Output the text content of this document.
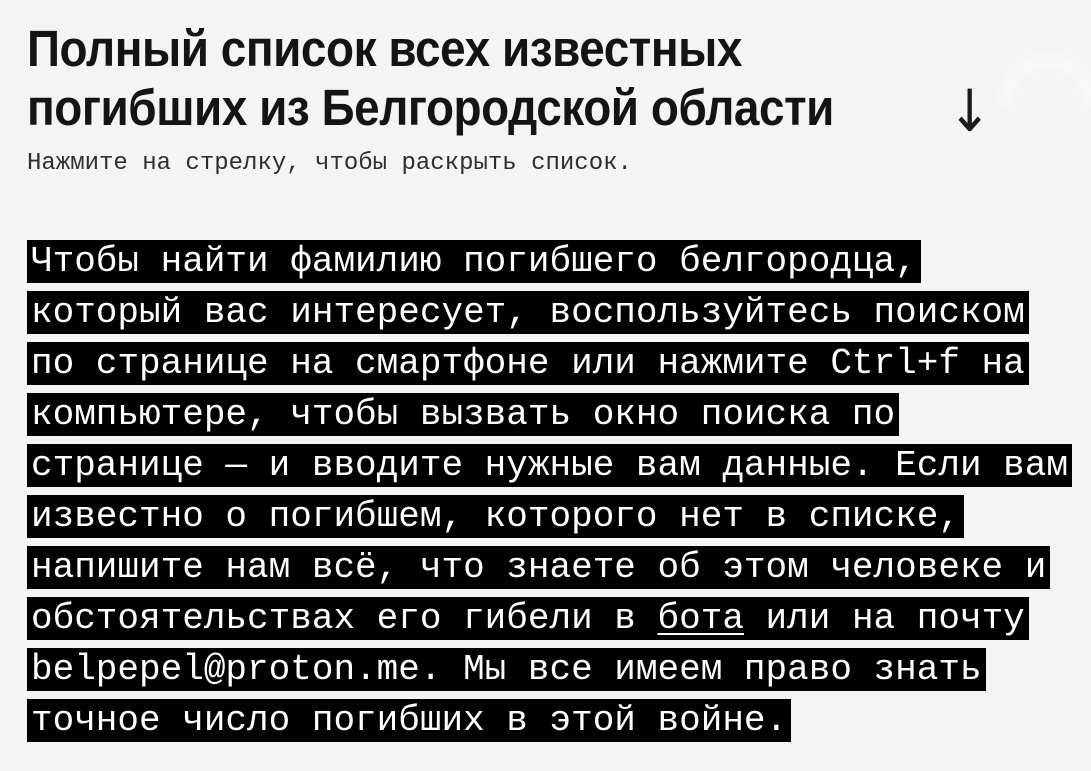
Полный список всех известных
погибших из Белгородской области	↓

Нажмите на стрелку, чтобы раскрыть список.

Чтобы найти фамилию погибшего белгородца, который вас интересует, воспользуйтесь поиском по странице на смартфоне или нажмите Ctrl+f на компьютере, чтобы вызвать окно поиска по странице — и вводите нужные вам данные. Если вам известно о погибшем, которого нет в списке, напишите нам всё, что знаете об этом человеке и обстоятельствах его гибели в бота или на почту belpepel@proton.me. Мы все имеем право знать точное число погибших в этой войне.
